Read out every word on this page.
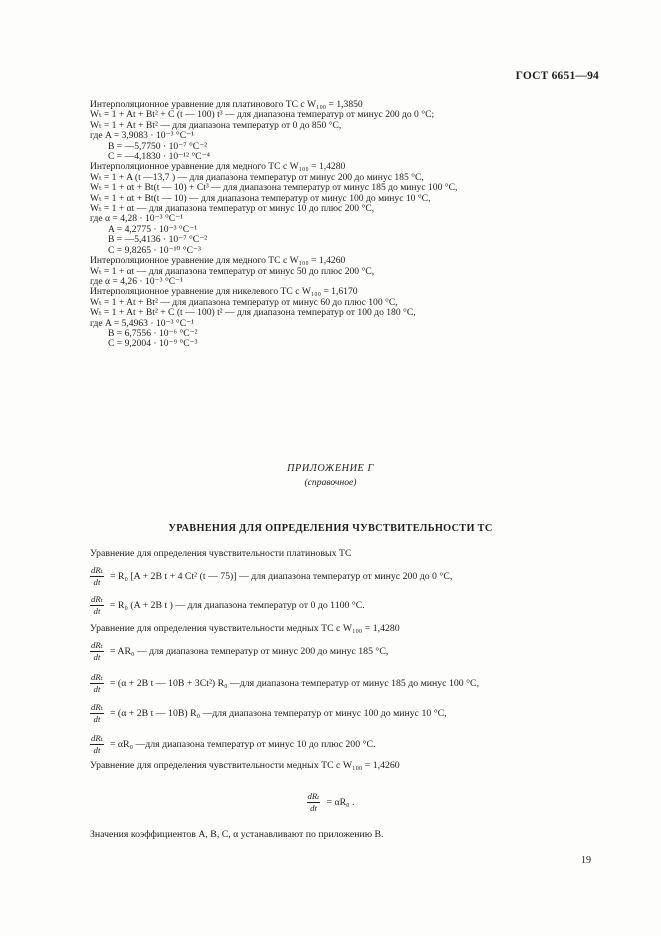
ГОСТ 6651—94
Интерполяционное уравнение для платинового ТС с W₁₀₀ = 1,3850
Wₜ = 1 + At + Bt² + C (t — 100) t³ — для диапазона температур от минус 200 до 0 °C;
Wₜ = 1 + At + Bt² — для диапазона температур от 0 до 850 °C,
где A = 3,9083 · 10⁻³ °C⁻¹
B = —5,7750 · 10⁻⁷ °C⁻²
C = —4,1830 · 10⁻¹² °C⁻⁴
Интерполяционное уравнение для медного ТС с W₁₀₀ = 1,4280
Wₜ = 1 + A (t —13,7 ) — для диапазона температур от минус 200 до минус 185 °C,
Wₜ = 1 + αt + Bt(t — 10) + Ct³ — для диапазона температур от минус 185 до минус 100 °C,
Wₜ = 1 + αt + Bt(t — 10) — для диапазона температур от минус 100 до минус 10 °C,
Wₜ = 1 + αt — для диапазона температур от минус 10 до плюс 200 °C,
где α = 4,28 · 10⁻³ °C⁻¹
A = 4,2775 · 10⁻³ °C⁻¹
B = —5,4136 · 10⁻⁷ °C⁻²
C = 9,8265 · 10⁻¹⁰ °C⁻³
Интерполяционное уравнение для медного ТС с W₁₀₀ = 1,4260
Wₜ = 1 + αt — для диапазона температур от минус 50 до плюс 200 °C,
где α = 4,26 · 10⁻³ °C⁻¹
Интерполяционное уравнение для никелевого ТС с W₁₀₀ = 1,6170
Wₜ = 1 + At + Bt² — для диапазона температур от минус 60 до плюс 100 °C,
Wₜ = 1 + At + Bt² + C (t — 100) t² — для диапазона температур от 100 до 180 °C,
где A = 5,4963 · 10⁻³ °C⁻¹
B = 6,7556 · 10⁻⁶ °C⁻²
C = 9,2004 · 10⁻⁹ °C⁻³
ПРИЛОЖЕНИЕ Г
(справочное)
УРАВНЕНИЯ ДЛЯ ОПРЕДЕЛЕНИЯ ЧУВСТВИТЕЛЬНОСТИ ТС
Уравнение для определения чувствительности платиновых ТС
$\frac{\text{dRₜ}}{dt} = R_0$ [A + 2B t + 4 Ct² (t — 75)] — для диапазона температур от минус 200 до 0 °C,
$\frac{\text{dRₜ}}{dt} = R_0$ (A + 2B t ) — для диапазона температур от 0 до 1100 °C.
Уравнение для определения чувствительности медных ТС с W₁₀₀ = 1,4280
$\frac{\text{dRₜ}}{dt} = AR_0$ — для диапазона температур от минус 200 до минус 185 °C,
$\frac{\text{dRₜ}}{dt} = (\alpha + 2B$ t — 10B + 3Ct²) R₀ —для диапазона температур от минус 185 до минус 100 °C,
$\frac{\text{dRₜ}}{dt} = (\alpha + 2B$ t — 10B) R₀ —для диапазона температур от минус 100 до минус 10 °C,
$\frac{\text{dRₜ}}{dt} = \alpha R_0$ —для диапазона температур от минус 10 до плюс 200 °C.
Уравнение для определения чувствительности медных ТС с W₁₀₀ = 1,4260
$\frac{\text{dRₜ}}{dt} = \alpha R_0$ .
Значения коэффициентов A, B, C, α устанавливают по приложению В.
19
